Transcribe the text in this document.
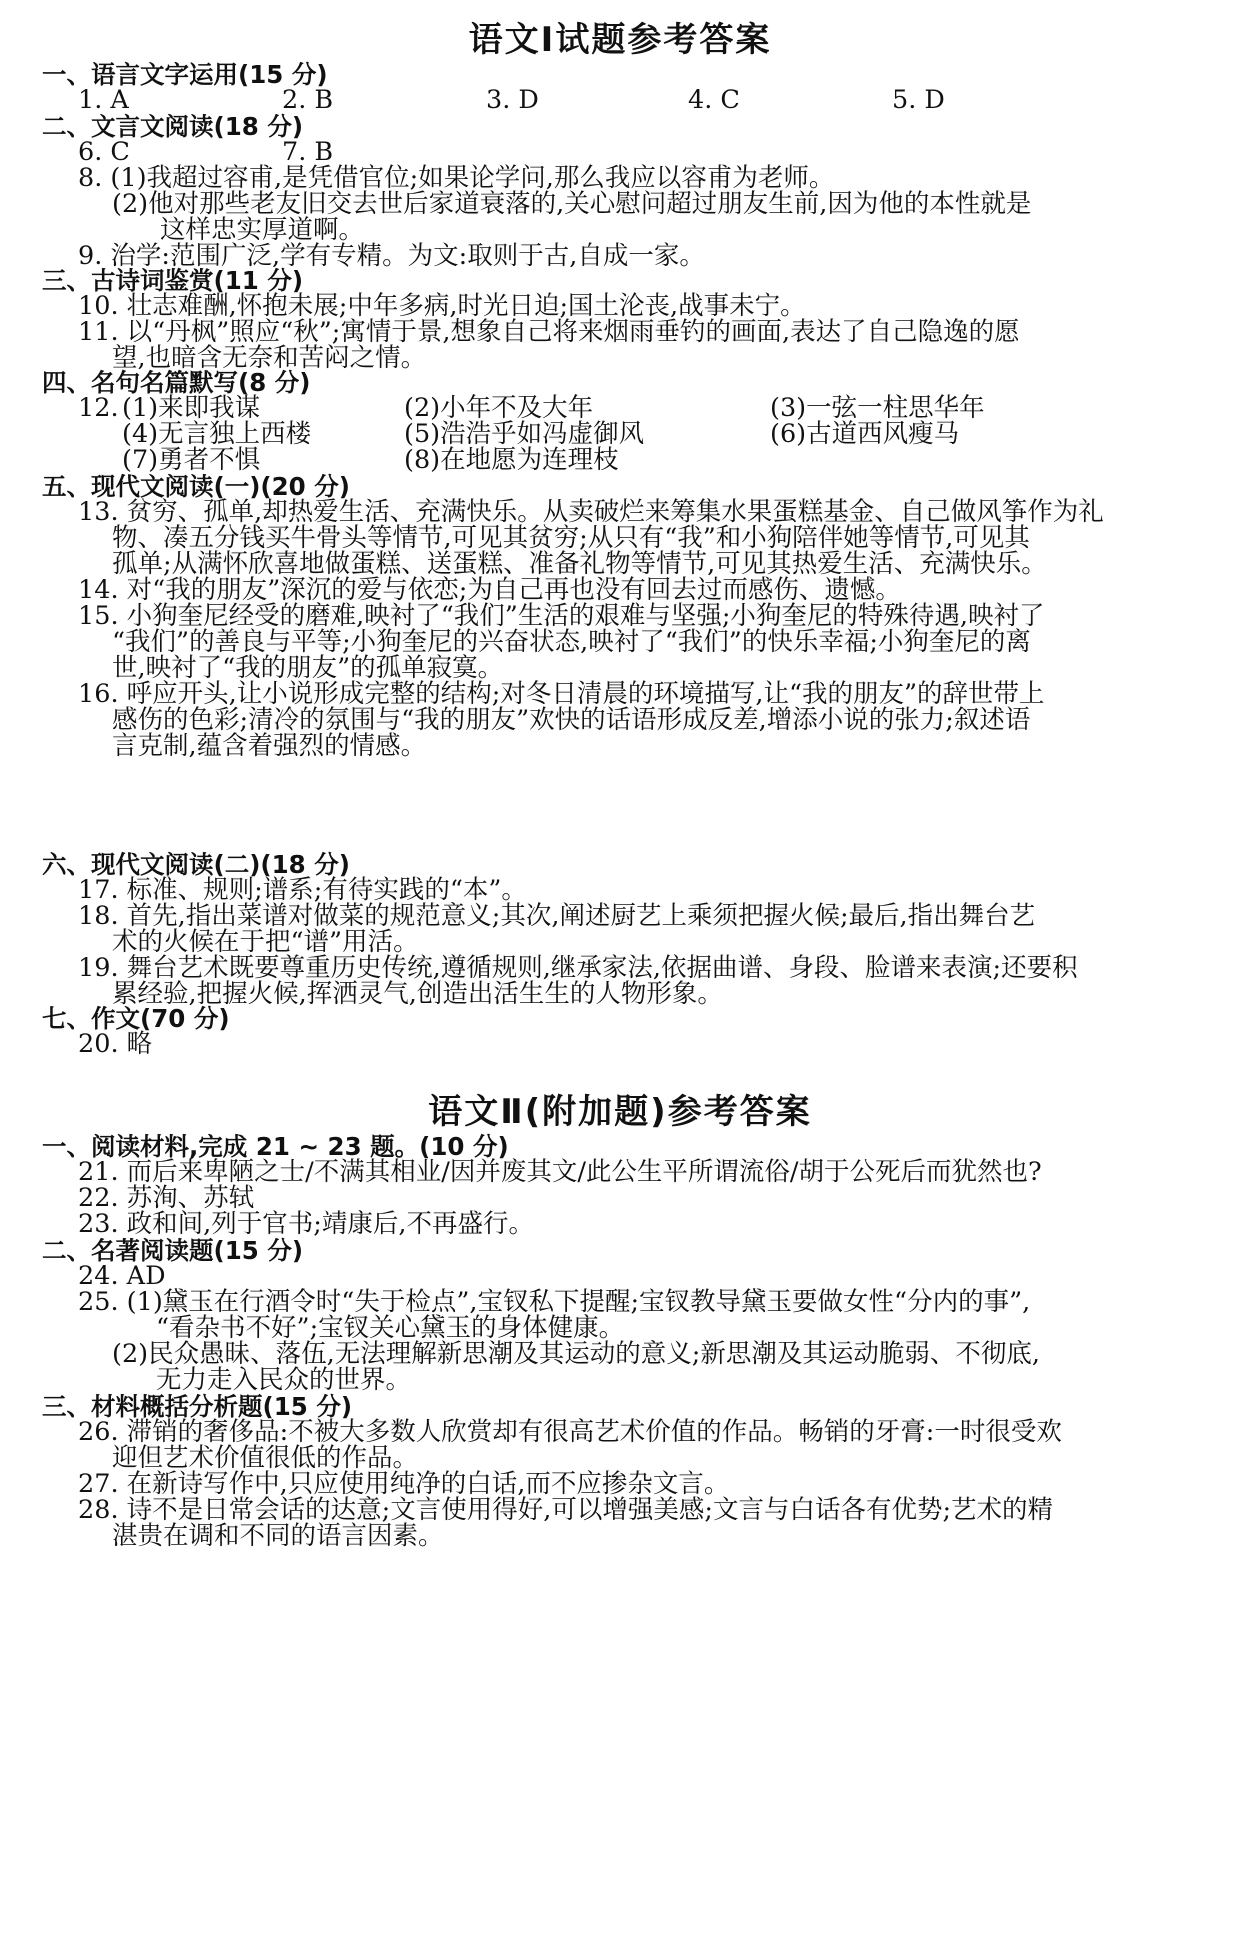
语文Ⅰ试题参考答案
一、语言文字运用(15 分)
1. A	2. B	3. D	4. C	5. D
二、文言文阅读(18 分)
6. C	7. B
8. (1)我超过容甫,是凭借官位;如果论学问,那么我应以容甫为老师。
(2)他对那些老友旧交去世后家道衰落的,关心慰问超过朋友生前,因为他的本性就是
这样忠实厚道啊。
9. 治学:范围广泛,学有专精。为文:取则于古,自成一家。
三、古诗词鉴赏(11 分)
10. 壮志难酬,怀抱未展;中年多病,时光日迫;国土沦丧,战事未宁。
11. 以“丹枫”照应“秋”;寓情于景,想象自己将来烟雨垂钓的画面,表达了自己隐逸的愿
望,也暗含无奈和苦闷之情。
四、名句名篇默写(8 分)
12. (1)来即我谋	(2)小年不及大年	(3)一弦一柱思华年
(4)无言独上西楼	(5)浩浩乎如冯虚御风	(6)古道西风瘦马
(7)勇者不惧	(8)在地愿为连理枝
五、现代文阅读(一)(20 分)
13. 贫穷、孤单,却热爱生活、充满快乐。从卖破烂来筹集水果蛋糕基金、自己做风筝作为礼
物、凑五分钱买牛骨头等情节,可见其贫穷;从只有“我”和小狗陪伴她等情节,可见其
孤单;从满怀欣喜地做蛋糕、送蛋糕、准备礼物等情节,可见其热爱生活、充满快乐。
14. 对“我的朋友”深沉的爱与依恋;为自己再也没有回去过而感伤、遗憾。
15. 小狗奎尼经受的磨难,映衬了“我们”生活的艰难与坚强;小狗奎尼的特殊待遇,映衬了
“我们”的善良与平等;小狗奎尼的兴奋状态,映衬了“我们”的快乐幸福;小狗奎尼的离
世,映衬了“我的朋友”的孤单寂寞。
16. 呼应开头,让小说形成完整的结构;对冬日清晨的环境描写,让“我的朋友”的辞世带上
感伤的色彩;清冷的氛围与“我的朋友”欢快的话语形成反差,增添小说的张力;叙述语
言克制,蕴含着强烈的情感。
六、现代文阅读(二)(18 分)
17. 标准、规则;谱系;有待实践的“本”。
18. 首先,指出菜谱对做菜的规范意义;其次,阐述厨艺上乘须把握火候;最后,指出舞台艺
术的火候在于把“谱”用活。
19. 舞台艺术既要尊重历史传统,遵循规则,继承家法,依据曲谱、身段、脸谱来表演;还要积
累经验,把握火候,挥洒灵气,创造出活生生的人物形象。
七、作文(70 分)
20. 略
语文Ⅱ(附加题)参考答案
一、阅读材料,完成 21 ~ 23 题。(10 分)
21. 而后来卑陋之士/不满其相业/因并废其文/此公生平所谓流俗/胡于公死后而犹然也?
22. 苏洵、苏轼
23. 政和间,列于官书;靖康后,不再盛行。
二、名著阅读题(15 分)
24. AD
25. (1)黛玉在行酒令时“失于检点”,宝钗私下提醒;宝钗教导黛玉要做女性“分内的事”,
“看杂书不好”;宝钗关心黛玉的身体健康。
(2)民众愚昧、落伍,无法理解新思潮及其运动的意义;新思潮及其运动脆弱、不彻底,
无力走入民众的世界。
三、材料概括分析题(15 分)
26. 滞销的奢侈品:不被大多数人欣赏却有很高艺术价值的作品。畅销的牙膏:一时很受欢
迎但艺术价值很低的作品。
27. 在新诗写作中,只应使用纯净的白话,而不应掺杂文言。
28. 诗不是日常会话的达意;文言使用得好,可以增强美感;文言与白话各有优势;艺术的精
湛贵在调和不同的语言因素。
